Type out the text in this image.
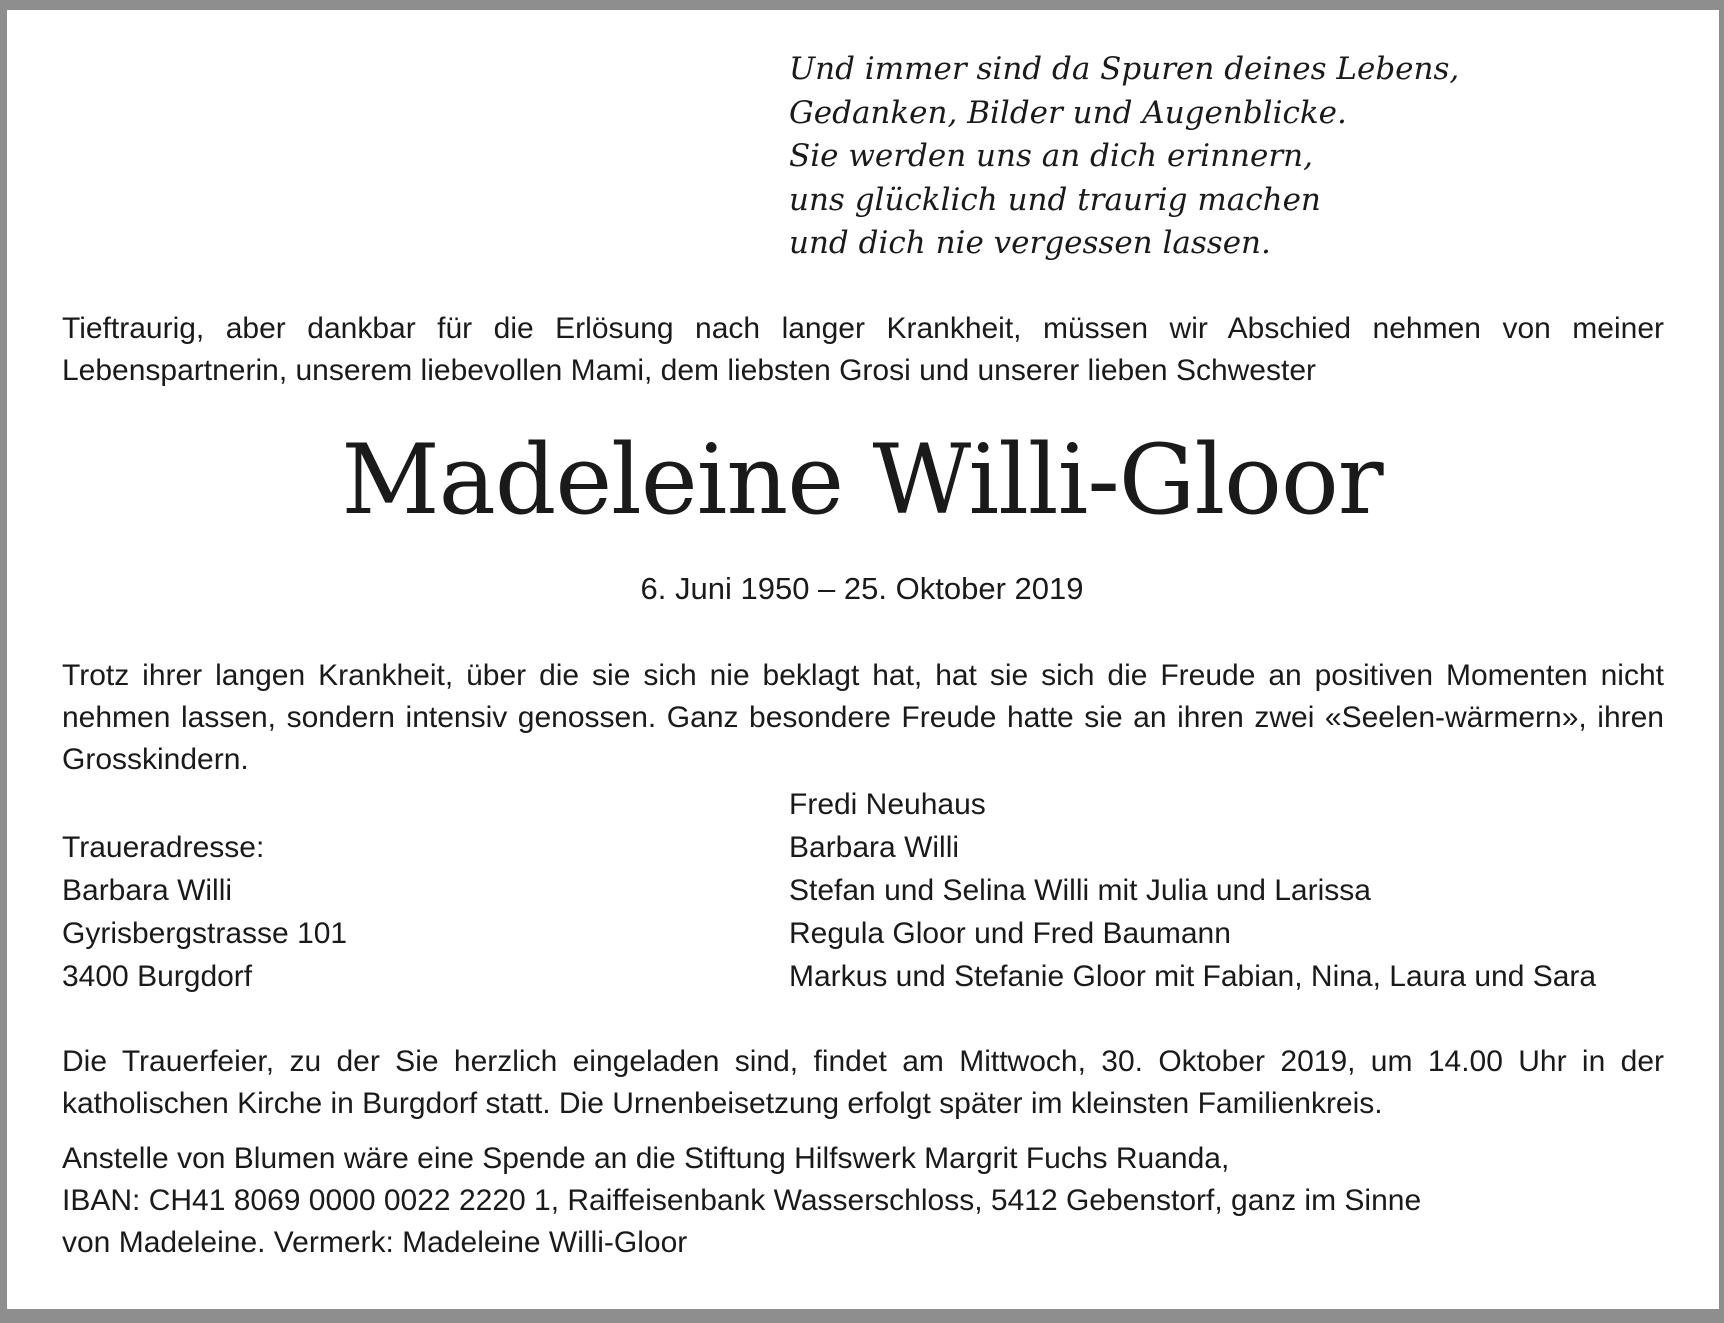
Und immer sind da Spuren deines Lebens,
Gedanken, Bilder und Augenblicke.
Sie werden uns an dich erinnern,
uns glücklich und traurig machen
und dich nie vergessen lassen.
Tieftraurig, aber dankbar für die Erlösung nach langer Krankheit, müssen wir Abschied nehmen von meiner Lebenspartnerin, unserem liebevollen Mami, dem liebsten Grosi und unserer lieben Schwester
Madeleine Willi-Gloor
6. Juni 1950 – 25. Oktober 2019
Trotz ihrer langen Krankheit, über die sie sich nie beklagt hat, hat sie sich die Freude an positiven Momenten nicht nehmen lassen, sondern intensiv genossen. Ganz besondere Freude hatte sie an ihren zwei «Seelen-wärmern», ihren Grosskindern.
Traueradresse:
Barbara Willi
Gyrisbergstrasse 101
3400 Burgdorf
Fredi Neuhaus
Barbara Willi
Stefan und Selina Willi mit Julia und Larissa
Regula Gloor und Fred Baumann
Markus und Stefanie Gloor mit Fabian, Nina, Laura und Sara
Die Trauerfeier, zu der Sie herzlich eingeladen sind, findet am Mittwoch, 30. Oktober 2019, um 14.00 Uhr in der katholischen Kirche in Burgdorf statt. Die Urnenbeisetzung erfolgt später im kleinsten Familienkreis.
Anstelle von Blumen wäre eine Spende an die Stiftung Hilfswerk Margrit Fuchs Ruanda,
IBAN: CH41 8069 0000 0022 2220 1, Raiffeisenbank Wasserschloss, 5412 Gebenstorf, ganz im Sinne
von Madeleine. Vermerk: Madeleine Willi-Gloor
